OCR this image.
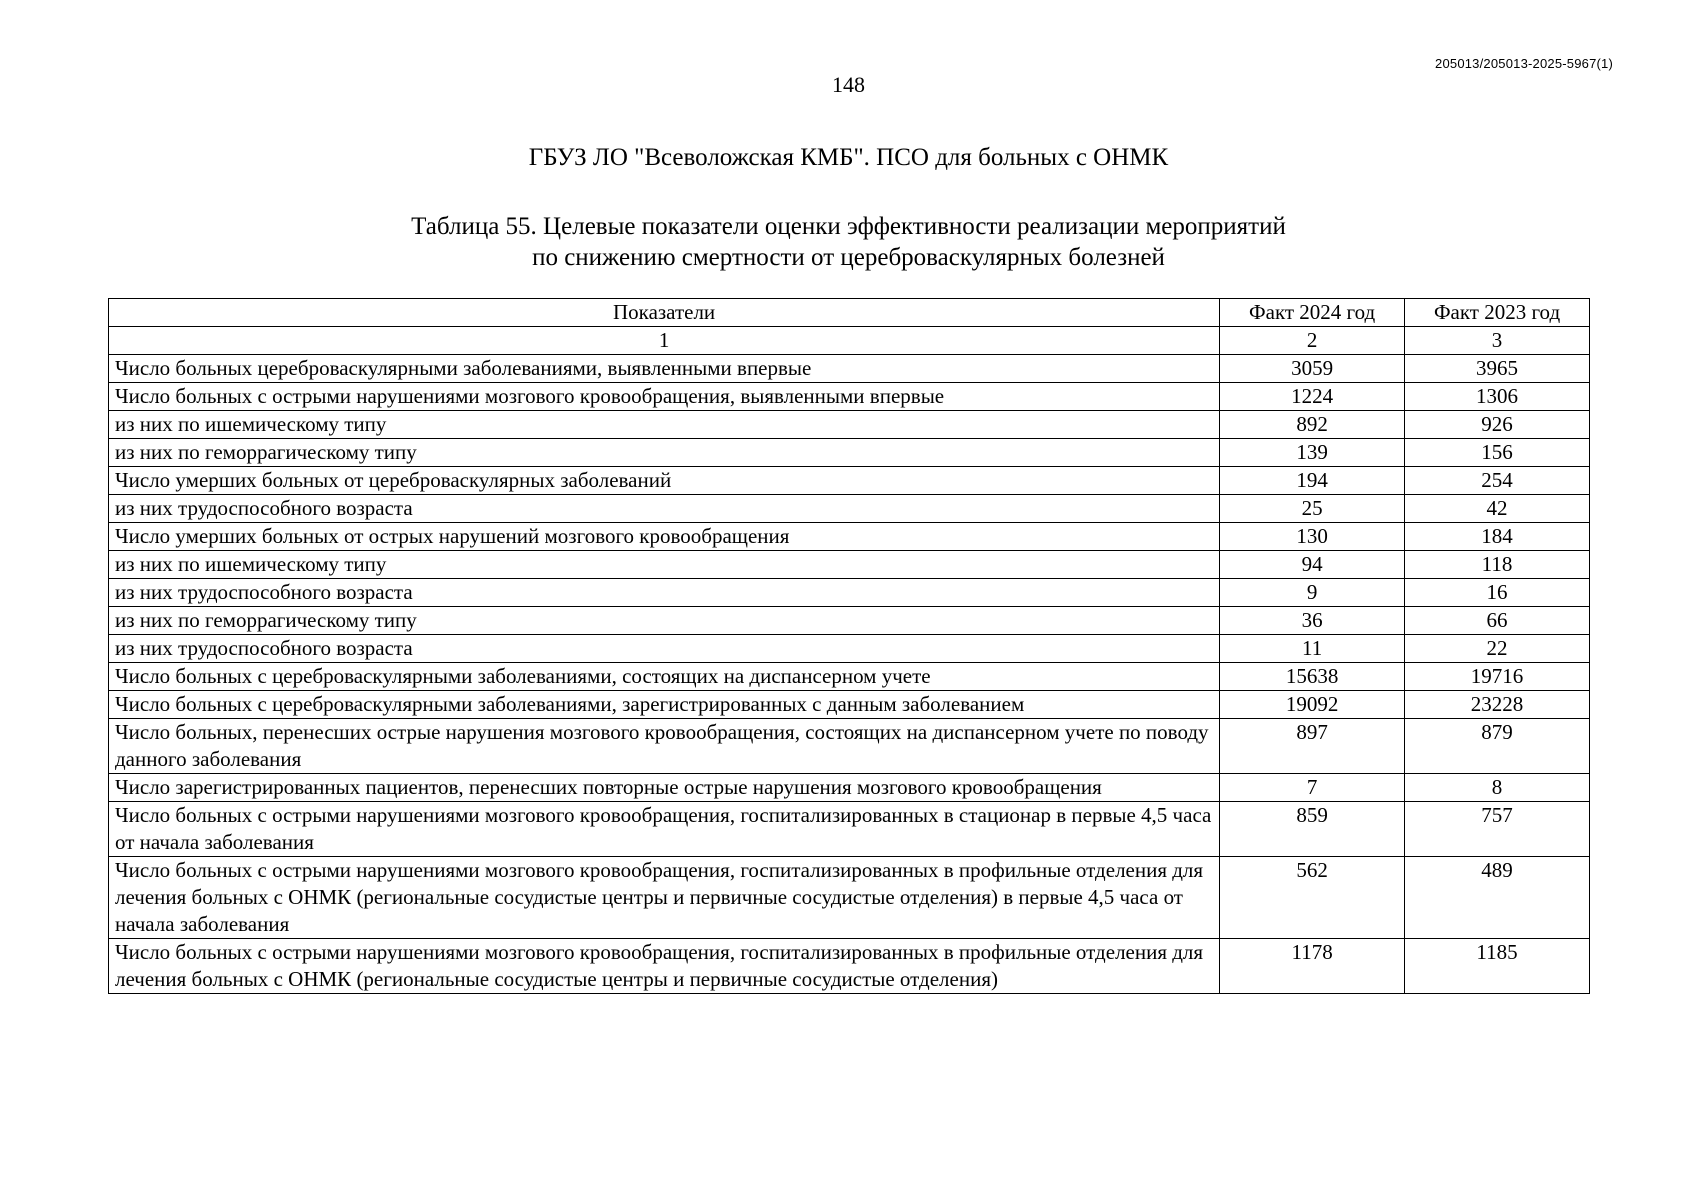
205013/205013-2025-5967(1)
148
ГБУЗ ЛО "Всеволожская КМБ". ПСО для больных с ОНМК
Таблица 55. Целевые показатели оценки эффективности реализации мероприятий
по снижению смертности от цереброваскулярных болезней
Показатели	Факт 2024 год	Факт 2023 год
1	2	3
Число больных цереброваскулярными заболеваниями, выявленными впервые	3059	3965
Число больных с острыми нарушениями мозгового кровообращения, выявленными впервые	1224	1306
из них по ишемическому типу	892	926
из них по геморрагическому типу	139	156
Число умерших больных от цереброваскулярных заболеваний	194	254
из них трудоспособного возраста	25	42
Число умерших больных от острых нарушений мозгового кровообращения	130	184
из них по ишемическому типу	94	118
из них трудоспособного возраста	9	16
из них по геморрагическому типу	36	66
из них трудоспособного возраста	11	22
Число больных с цереброваскулярными заболеваниями, состоящих на диспансерном учете	15638	19716
Число больных с цереброваскулярными заболеваниями, зарегистрированных с данным заболеванием	19092	23228
Число больных, перенесших острые нарушения мозгового кровообращения, состоящих на диспансерном учете по поводу данного заболевания	897	879
Число зарегистрированных пациентов, перенесших повторные острые нарушения мозгового кровообращения	7	8
Число больных с острыми нарушениями мозгового кровообращения, госпитализированных в стационар в первые 4,5 часа от начала заболевания	859	757
Число больных с острыми нарушениями мозгового кровообращения, госпитализированных в профильные отделения для лечения больных с ОНМК (региональные сосудистые центры и первичные сосудистые отделения) в первые 4,5 часа от начала заболевания	562	489
Число больных с острыми нарушениями мозгового кровообращения, госпитализированных в профильные отделения для лечения больных с ОНМК (региональные сосудистые центры и первичные сосудистые отделения)	1178	1185
